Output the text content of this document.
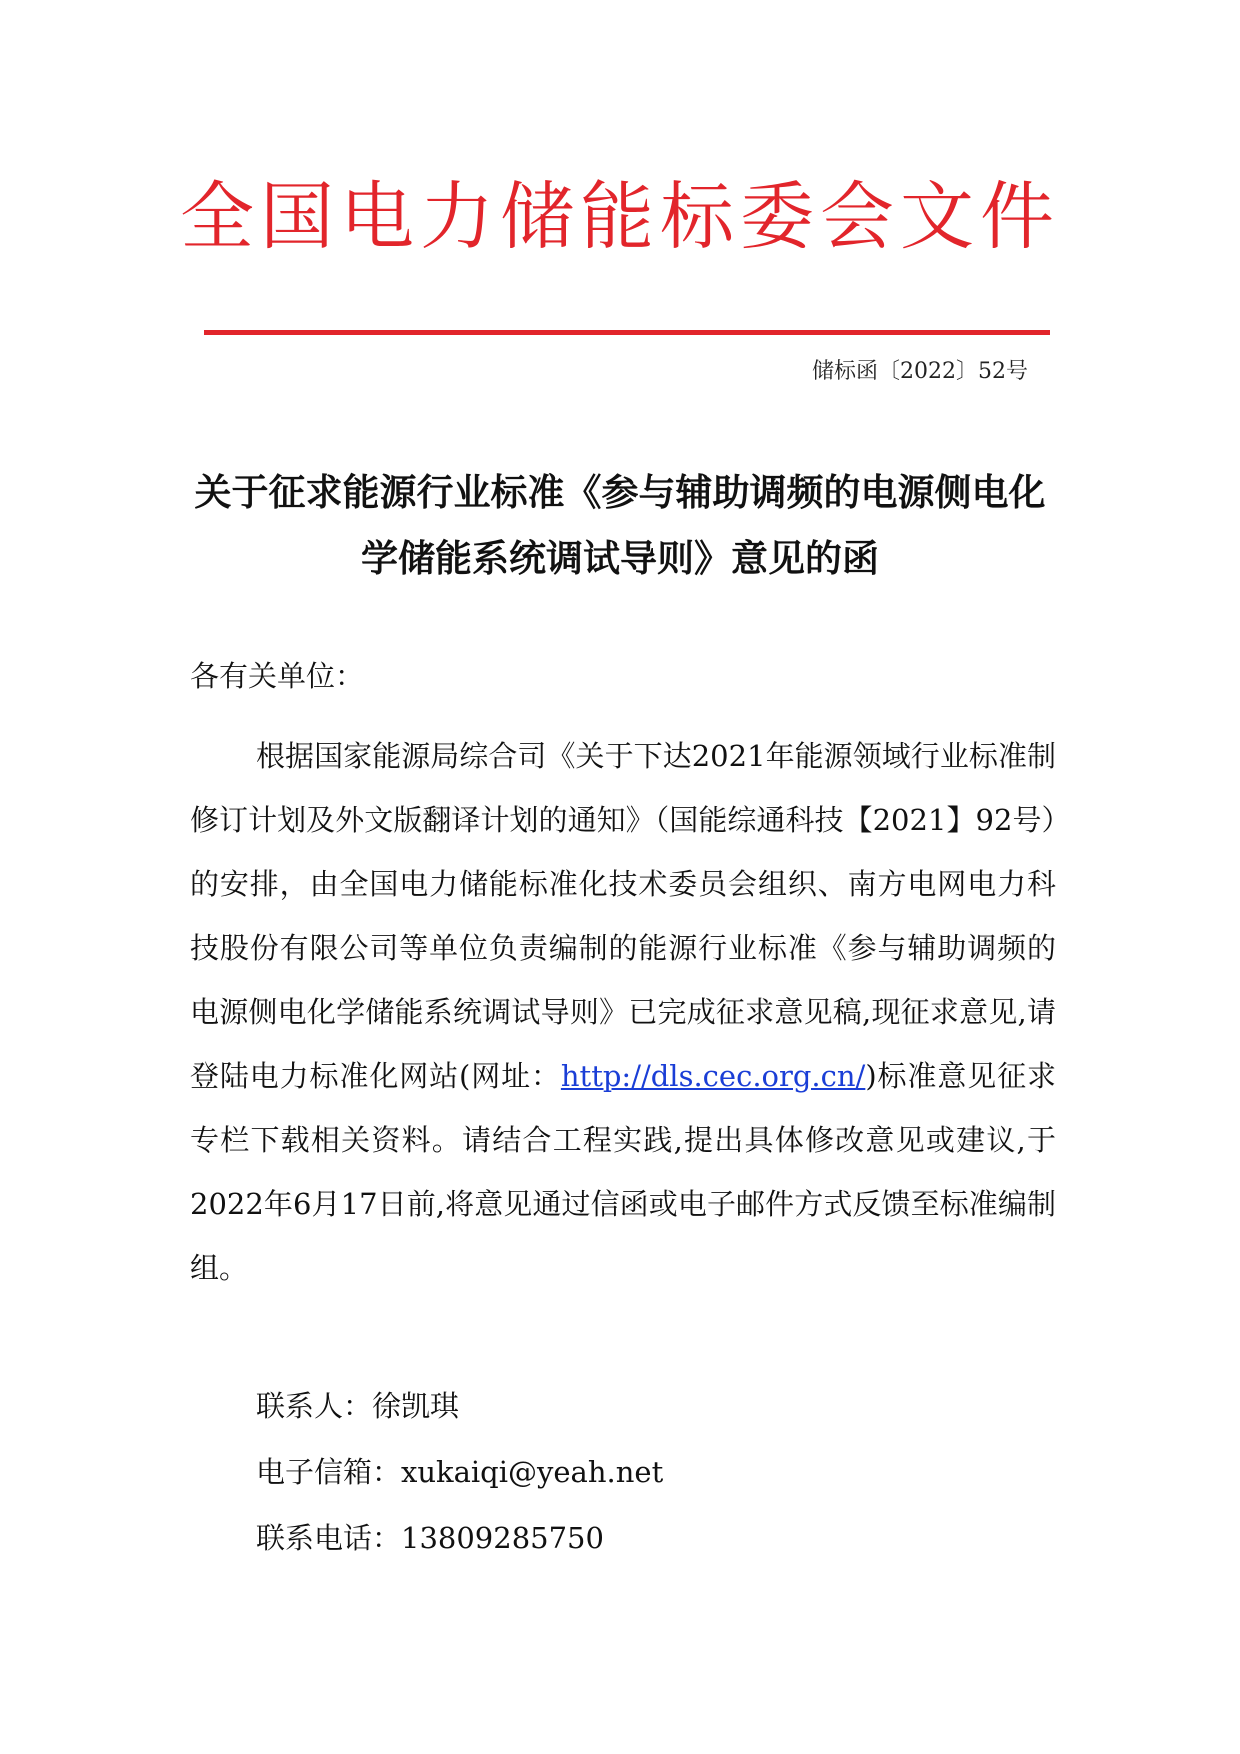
全国电力储能标委会文件
储标函〔2022〕52号
关于征求能源行业标准《参与辅助调频的电源侧电化
学储能系统调试导则》意见的函
各有关单位：

根据国家能源局综合司《关于下达2021年能源领域行业标准制修订计划及外文版翻译计划的通知》（国能综通科技【2021】92号）的安排，由全国电力储能标准化技术委员会组织、南方电网电力科技股份有限公司等单位负责编制的能源行业标准《参与辅助调频的电源侧电化学储能系统调试导则》已完成征求意见稿,现征求意见,请登陆电力标准化网站(网址：http://dls.cec.org.cn/)标准意见征求专栏下载相关资料。请结合工程实践,提出具体修改意见或建议,于2022年6月17日前,将意见通过信函或电子邮件方式反馈至标准编制组。

联系人：徐凯琪
电子信箱：xukaiqi@yeah.net
联系电话：13809285750
